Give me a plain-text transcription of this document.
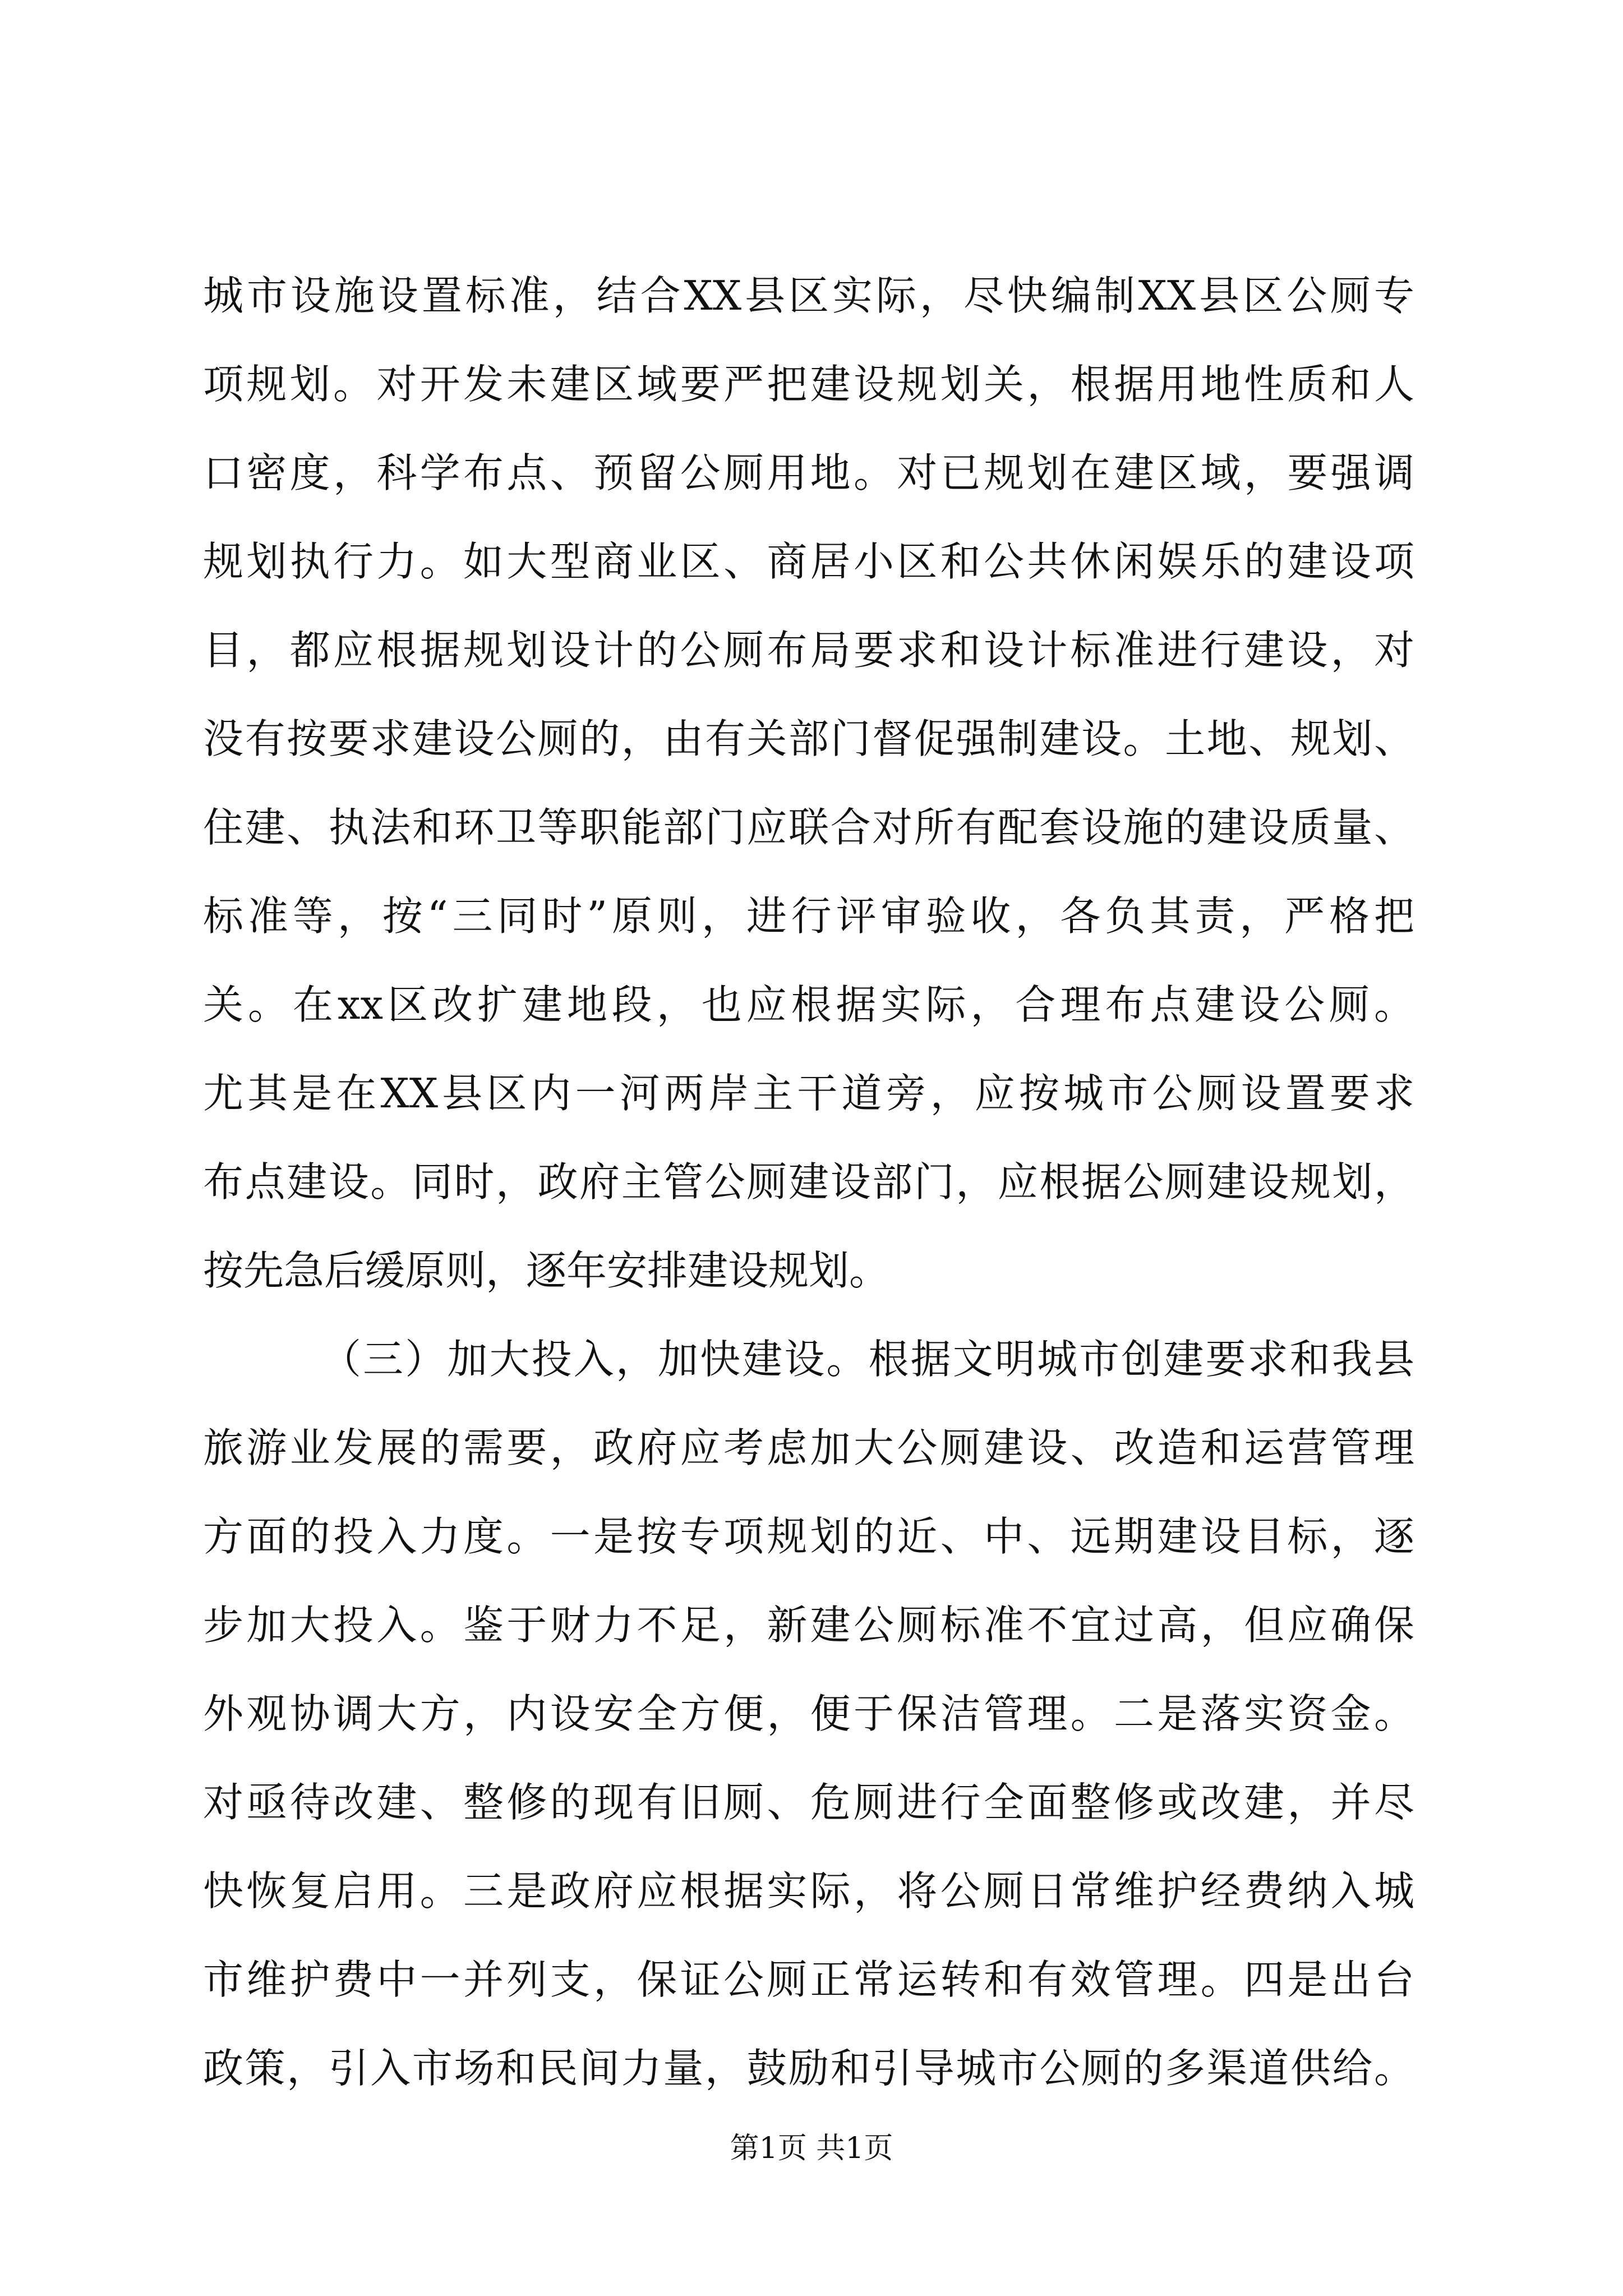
城市设施设置标准，结合XX县区实际，尽快编制XX县区公厕专
项规划。对开发未建区域要严把建设规划关，根据用地性质和人
口密度，科学布点、预留公厕用地。对已规划在建区域，要强调
规划执行力。如大型商业区、商居小区和公共休闲娱乐的建设项
目，都应根据规划设计的公厕布局要求和设计标准进行建设，对
没有按要求建设公厕的，由有关部门督促强制建设。土地、规划、
住建、执法和环卫等职能部门应联合对所有配套设施的建设质量、
标准等，按“三同时”原则，进行评审验收，各负其责，严格把
关。在xx区改扩建地段，也应根据实际，合理布点建设公厕。
尤其是在XX县区内一河两岸主干道旁，应按城市公厕设置要求
布点建设。同时，政府主管公厕建设部门，应根据公厕建设规划，
按先急后缓原则，逐年安排建设规划。
（三）加大投入，加快建设。根据文明城市创建要求和我县
旅游业发展的需要，政府应考虑加大公厕建设、改造和运营管理
方面的投入力度。一是按专项规划的近、中、远期建设目标，逐
步加大投入。鉴于财力不足，新建公厕标准不宜过高，但应确保
外观协调大方，内设安全方便，便于保洁管理。二是落实资金。
对亟待改建、整修的现有旧厕、危厕进行全面整修或改建，并尽
快恢复启用。三是政府应根据实际，将公厕日常维护经费纳入城
市维护费中一并列支，保证公厕正常运转和有效管理。四是出台
政策，引入市场和民间力量，鼓励和引导城市公厕的多渠道供给。
第1页 共1页
